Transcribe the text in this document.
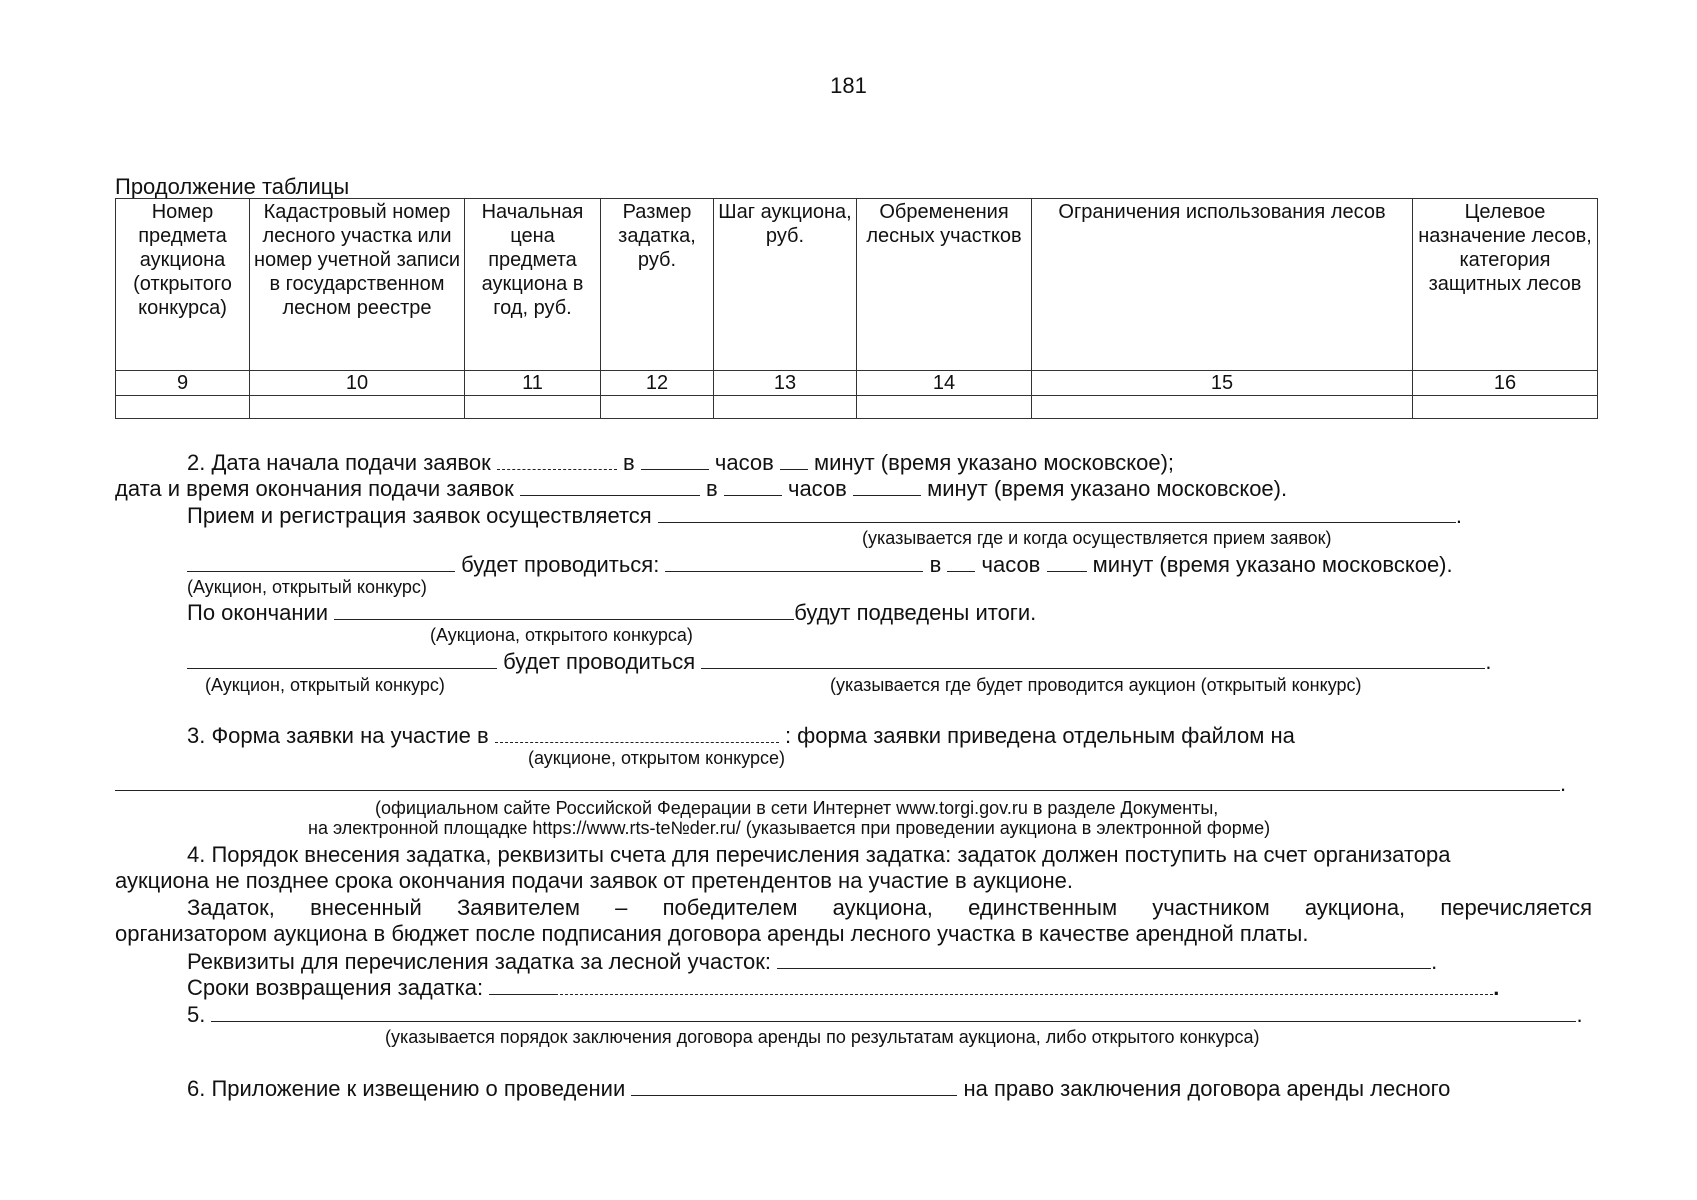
181
Продолжение таблицы
Номер предмета аукциона (открытого конкурса)	Кадастровый номер лесного участка или номер учетной записи в государственном лесном реестре	Начальная цена предмета аукциона в год, руб.	Размер задатка, руб.	Шаг аукциона, руб.	Обременения лесных участков	Ограничения использования лесов	Целевое назначение лесов, категория защитных лесов
9	10	11	12	13	14	15	16

2. Дата начала подачи заявок	в	часов минут (время указано московское);
дата и время окончания подачи заявок	в	часов	минут (время указано московское).
Прием и регистрация заявок осуществляется	.
(указывается где и когда осуществляется прием заявок)
будет проводиться:	в часов минут (время указано московское).
(Аукцион, открытый конкурс)
По окончании	будут подведены итоги.
(Аукциона, открытого конкурса)
будет проводиться	.
(Аукцион, открытый конкурс)	(указывается где будет проводится аукцион (открытый конкурс)
3. Форма заявки на участие в	: форма заявки приведена отдельным файлом на
(аукционе, открытом конкурсе)
.
(официальном сайте Российской Федерации в сети Интернет www.torgi.gov.ru в разделе Документы,
на электронной площадке https://www.rts-te№der.ru/ (указывается при проведении аукциона в электронной форме)
4. Порядок внесения задатка, реквизиты счета для перечисления задатка: задаток должен поступить на счет организатора
аукциона не позднее срока окончания подачи заявок от претендентов на участие в аукционе.
Задаток, внесенный Заявителем – победителем аукциона, единственным участником аукциона, перечисляется
организатором аукциона в бюджет после подписания договора аренды лесного участка в качестве арендной платы.
Реквизиты для перечисления задатка за лесной участок:	.
Сроки возвращения задатка:	.
5.	.
(указывается порядок заключения договора аренды по результатам аукциона, либо открытого конкурса)
6. Приложение к извещению о проведении	на право заключения договора аренды лесного
